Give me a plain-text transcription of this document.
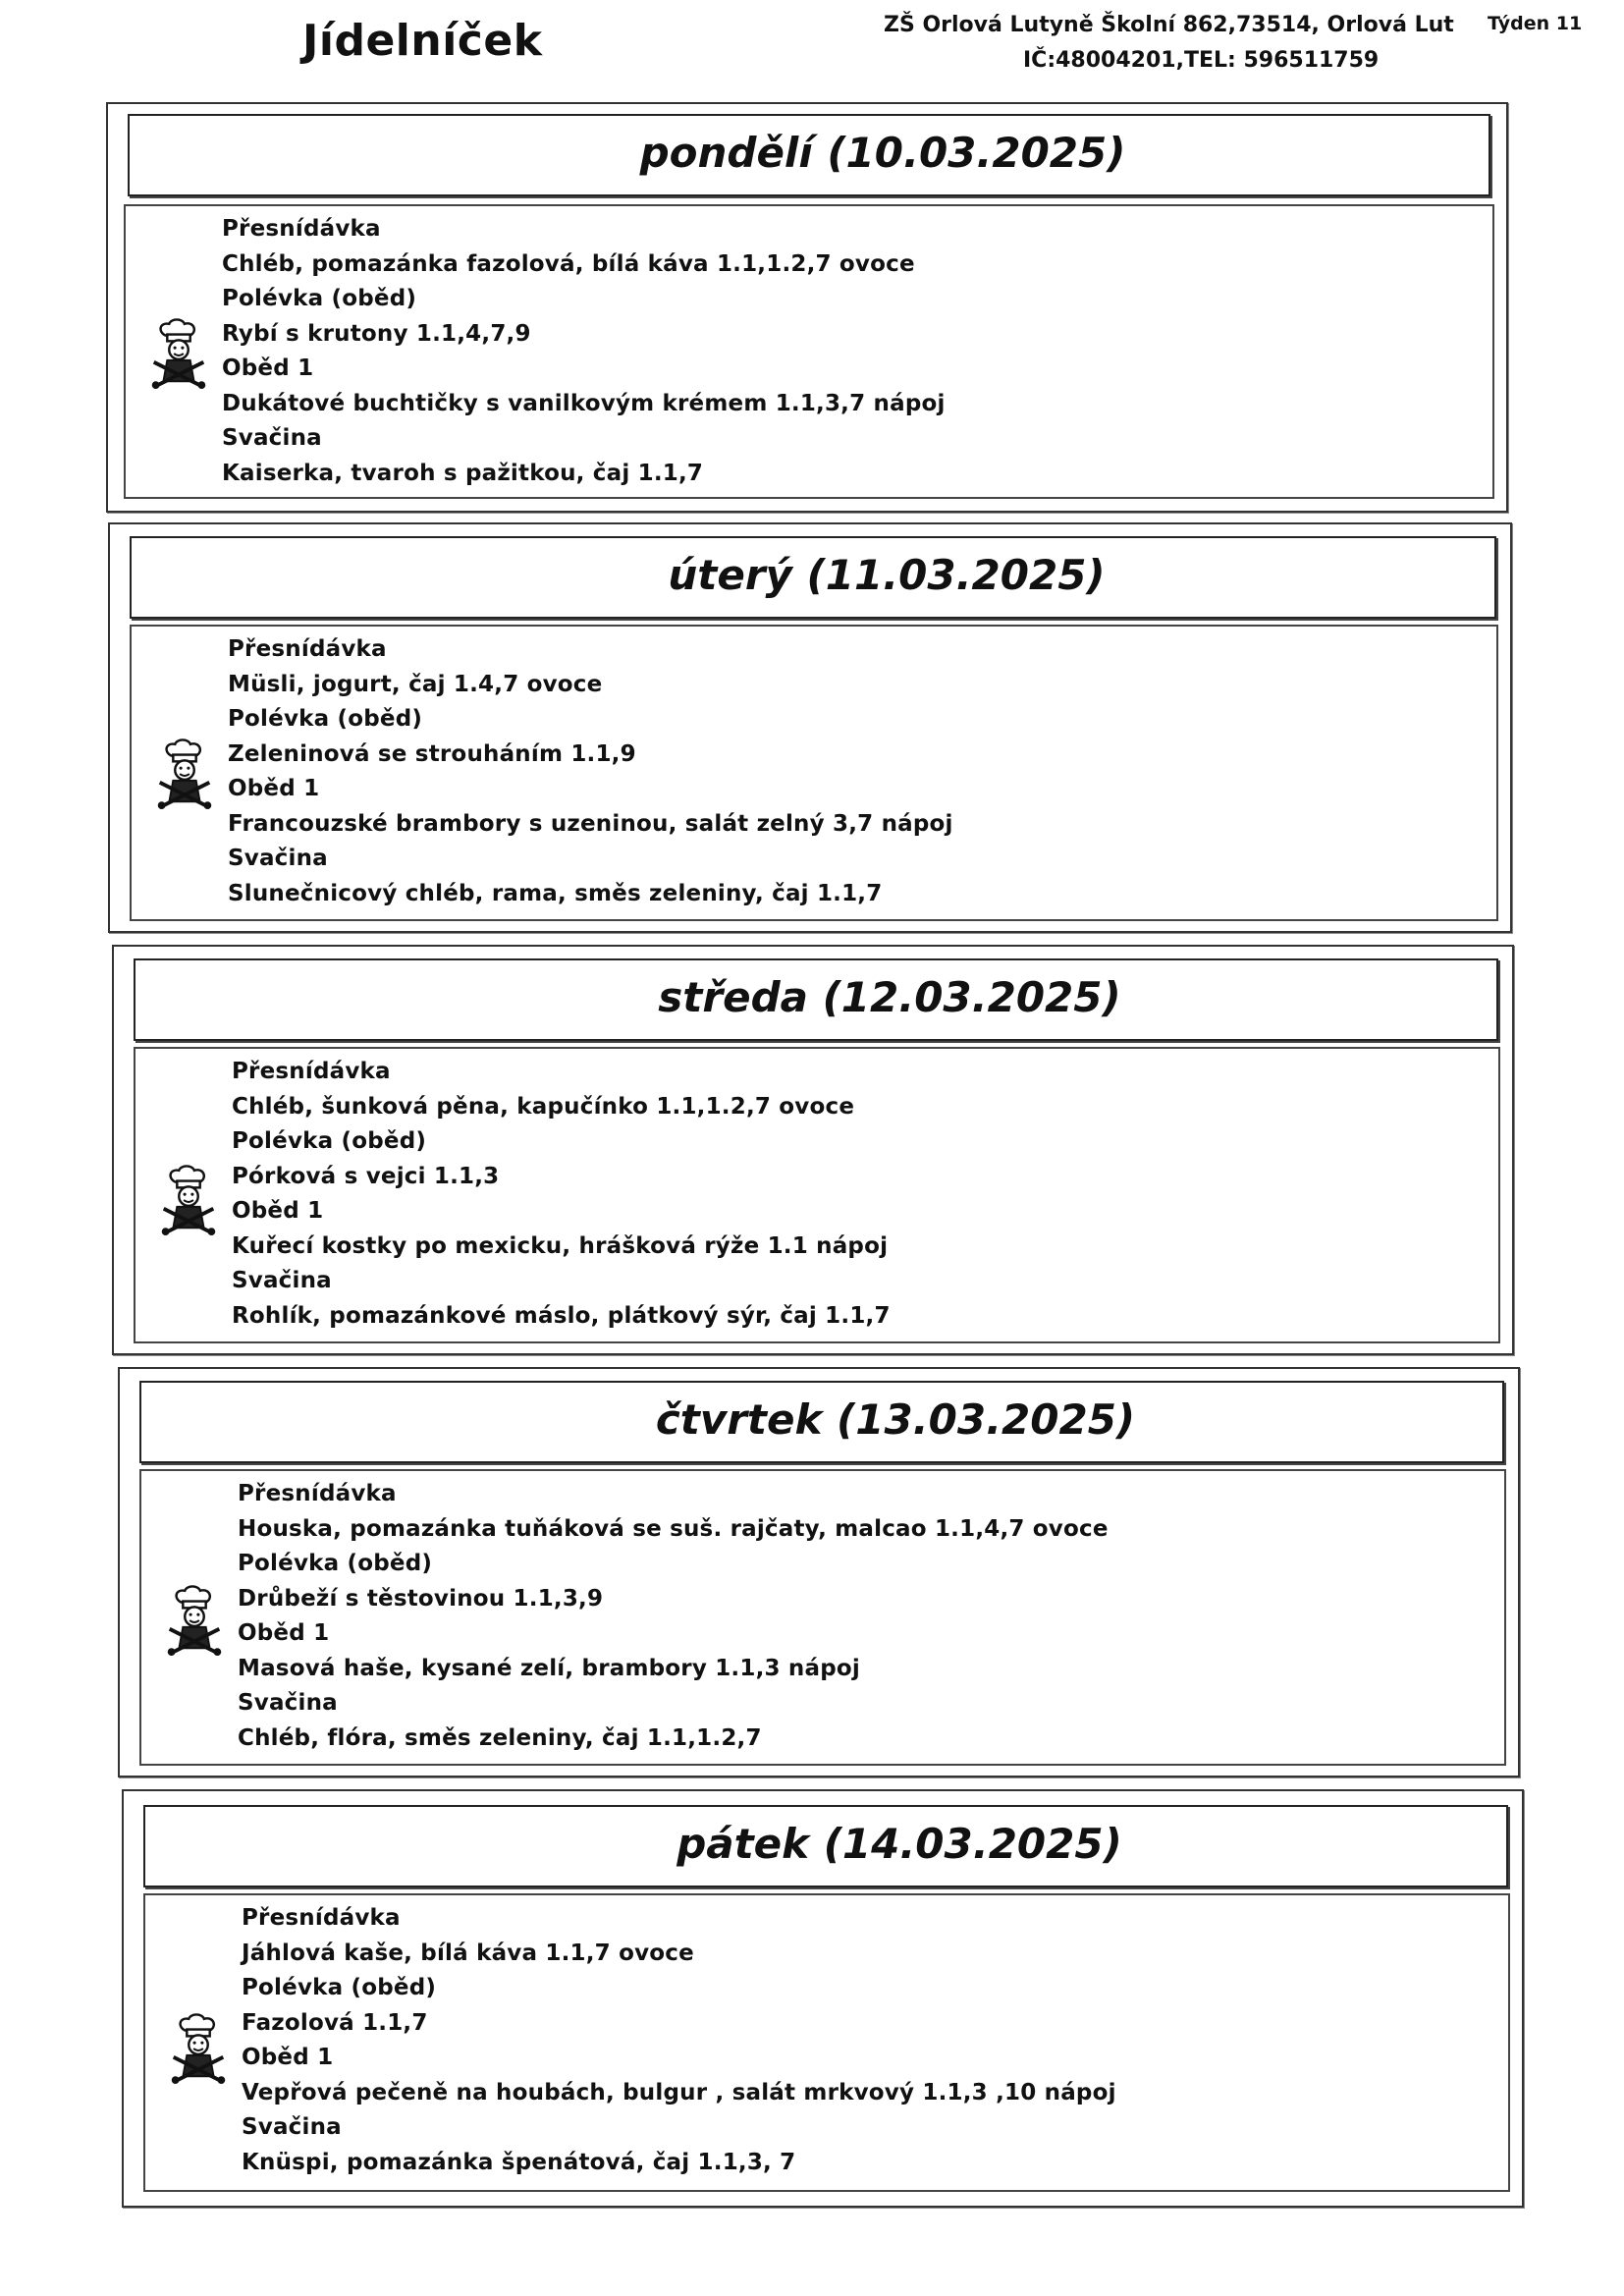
Jídelníček	ZŠ Orlová Lutyně Školní 862,73514, Orlová Lut Týden 11
IČ:48004201,TEL: 596511759
pondělí (10.03.2025)
Přesnídávka
Chléb, pomazánka fazolová, bílá káva 1.1,1.2,7 ovoce
Polévka (oběd)
Rybí s krutony 1.1,4,7,9
Oběd 1
Dukátové buchtičky s vanilkovým krémem 1.1,3,7 nápoj
Svačina
Kaiserka, tvaroh s pažitkou, čaj 1.1,7
úterý (11.03.2025)
Přesnídávka
Müsli, jogurt, čaj 1.4,7 ovoce
Polévka (oběd)
Zeleninová se strouháním 1.1,9
Oběd 1
Francouzské brambory s uzeninou, salát zelný 3,7 nápoj
Svačina
Slunečnicový chléb, rama, směs zeleniny, čaj 1.1,7
středa (12.03.2025)
Přesnídávka
Chléb, šunková pěna, kapučínko 1.1,1.2,7 ovoce
Polévka (oběd)
Pórková s vejci 1.1,3
Oběd 1
Kuřecí kostky po mexicku, hrášková rýže 1.1 nápoj
Svačina
Rohlík, pomazánkové máslo, plátkový sýr, čaj 1.1,7
čtvrtek (13.03.2025)
Přesnídávka
Houska, pomazánka tuňáková se suš. rajčaty, malcao 1.1,4,7 ovoce
Polévka (oběd)
Drůbeží s těstovinou 1.1,3,9
Oběd 1
Masová haše, kysané zelí, brambory 1.1,3 nápoj
Svačina
Chléb, flóra, směs zeleniny, čaj 1.1,1.2,7
pátek (14.03.2025)
Přesnídávka
Jáhlová kaše, bílá káva 1.1,7 ovoce
Polévka (oběd)
Fazolová 1.1,7
Oběd 1
Vepřová pečeně na houbách, bulgur , salát mrkvový 1.1,3 ,10 nápoj
Svačina
Knüspi, pomazánka špenátová, čaj 1.1,3, 7
